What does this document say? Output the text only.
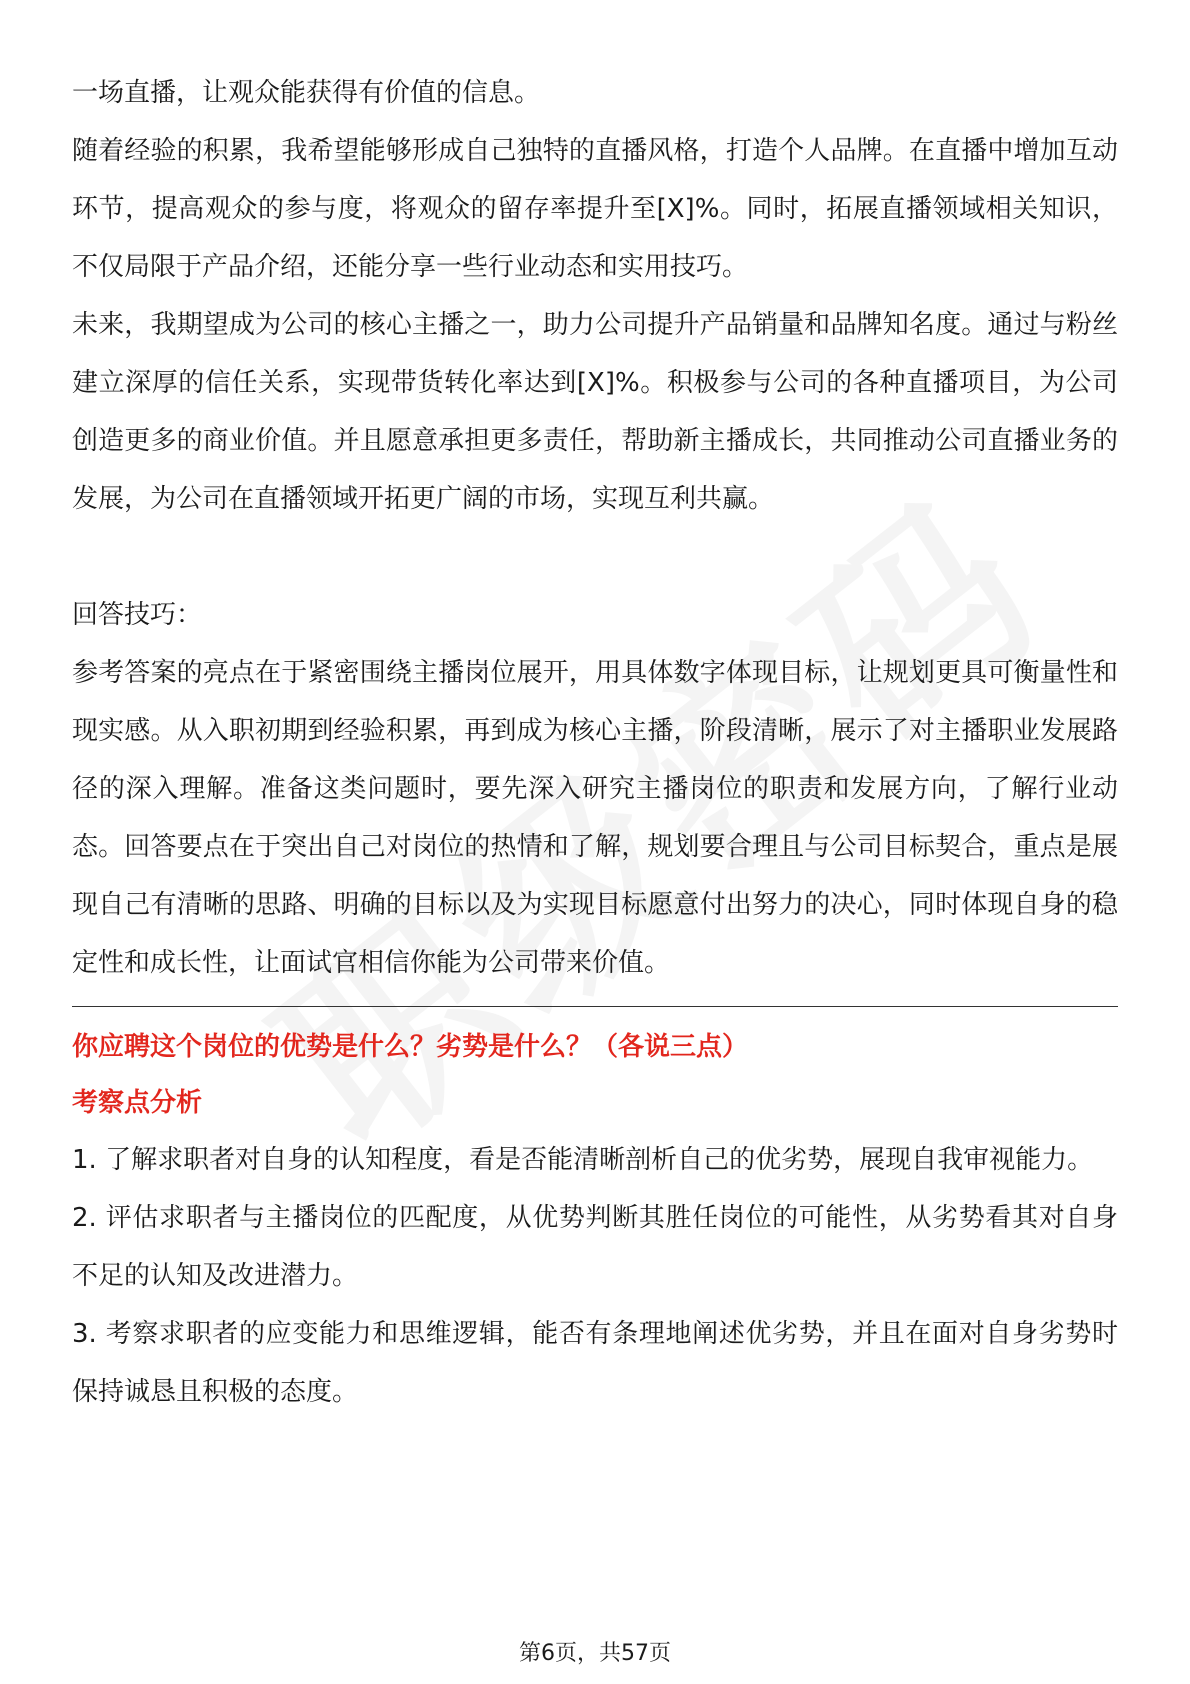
一场直播，让观众能获得有价值的信息。

随着经验的积累，我希望能够形成自己独特的直播风格，打造个人品牌。在直播中增加互动环节，提高观众的参与度，将观众的留存率提升至[X]%。同时，拓展直播领域相关知识，不仅局限于产品介绍，还能分享一些行业动态和实用技巧。

未来，我期望成为公司的核心主播之一，助力公司提升产品销量和品牌知名度。通过与粉丝建立深厚的信任关系，实现带货转化率达到[X]%。积极参与公司的各种直播项目，为公司创造更多的商业价值。并且愿意承担更多责任，帮助新主播成长，共同推动公司直播业务的发展，为公司在直播领域开拓更广阔的市场，实现互利共赢。

回答技巧：

参考答案的亮点在于紧密围绕主播岗位展开，用具体数字体现目标，让规划更具可衡量性和现实感。从入职初期到经验积累，再到成为核心主播，阶段清晰，展示了对主播职业发展路径的深入理解。准备这类问题时，要先深入研究主播岗位的职责和发展方向，了解行业动态。回答要点在于突出自己对岗位的热情和了解，规划要合理且与公司目标契合，重点是展现自己有清晰的思路、明确的目标以及为实现目标愿意付出努力的决心，同时体现自身的稳定性和成长性，让面试官相信你能为公司带来价值。

你应聘这个岗位的优势是什么？劣势是什么？（各说三点）

考察点分析

1. 了解求职者对自身的认知程度，看是否能清晰剖析自己的优劣势，展现自我审视能力。

2. 评估求职者与主播岗位的匹配度，从优势判断其胜任岗位的可能性，从劣势看其对自身不足的认知及改进潜力。

3. 考察求职者的应变能力和思维逻辑，能否有条理地阐述优劣势，并且在面对自身劣势时保持诚恳且积极的态度。

第6页，共57页
